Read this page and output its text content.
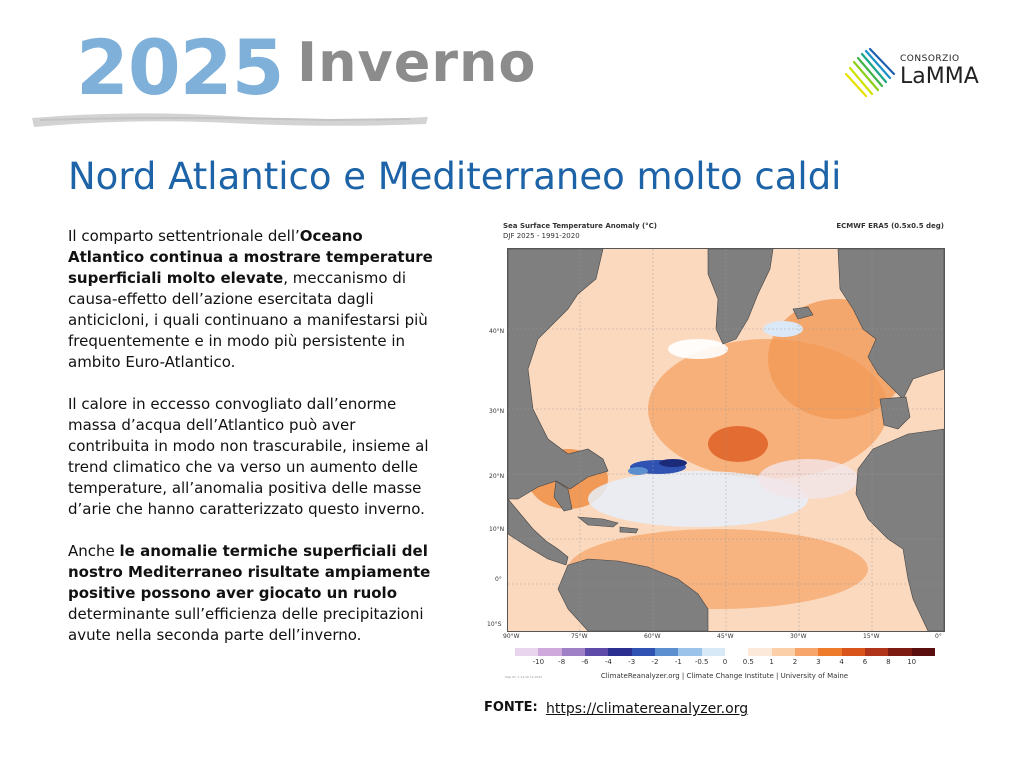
2025 Inverno	CONSORZIO
LaMMA
Nord Atlantico e Mediterraneo molto caldi

Il comparto settentrionale dell’Oceano Atlantico continua a mostrare temperature superficiali molto elevate, meccanismo di causa-effetto dell’azione esercitata dagli anticicloni, i quali continuano a manifestarsi più frequentemente e in modo più persistente in ambito Euro-Atlantico.

Il calore in eccesso convogliato dall’enorme massa d’acqua dell’Atlantico può aver contribuita in modo non trascurabile, insieme al trend climatico che va verso un aumento delle temperature, all’anomalia positiva delle masse d’arie che hanno caratterizzato questo inverno.

Anche le anomalie termiche superficiali del nostro Mediterraneo risultate ampiamente positive possono aver giocato un ruolo determinante sull’efficienza delle precipitazioni avute nella seconda parte dell’inverno.

Sea Surface Temperature Anomaly (°C)
DJF 2025 - 1991-2020
ECMWF ERA5 (0.5x0.5 deg)
40°N
30°N
20°N
10°N
0°
10°S
90°W	75°W	60°W	45°W	30°W	15°W	0°
-10 -8 -6 -4 -3 -2 -1 -0.5 0 0.5 1	2	3	4	6	8 10
ClimateReanalyzer.org | Climate Change Institute | University of Maine
Map ID: 7.14.40.12.2025
FONTE: https://climatereanalyzer.org
